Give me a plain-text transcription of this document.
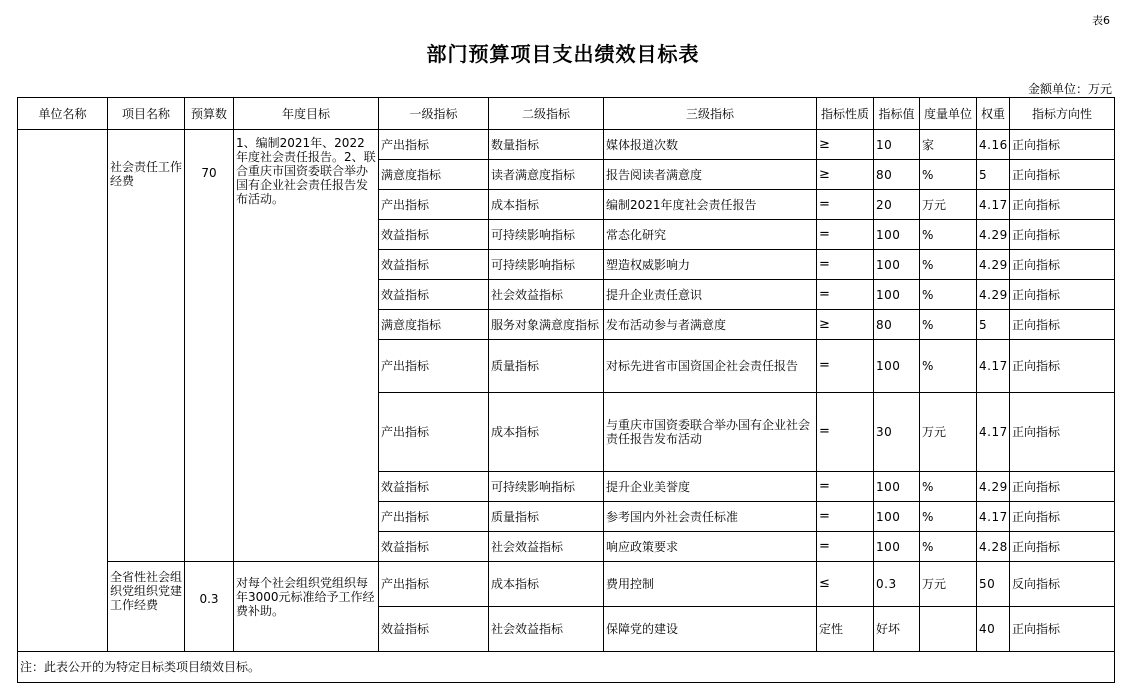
表6
部门预算项目支出绩效目标表
金额单位：万元
单位名称	项目名称	预算数	年度目标	一级指标	二级指标	三级指标	指标性质	指标值	度量单位	权重	指标方向性
	社会责任工作经费	70	1、编制2021年、2022年度社会责任报告。2、联合重庆市国资委联合举办国有企业社会责任报告发布活动。	产出指标	数量指标	媒体报道次数	≥	10	家	4.16	正向指标
				满意度指标	读者满意度指标	报告阅读者满意度	≥	80	%	5	正向指标
				产出指标	成本指标	编制2021年度社会责任报告	=	20	万元	4.17	正向指标
				效益指标	可持续影响指标	常态化研究	=	100	%	4.29	正向指标
				效益指标	可持续影响指标	塑造权威影响力	=	100	%	4.29	正向指标
				效益指标	社会效益指标	提升企业责任意识	=	100	%	4.29	正向指标
				满意度指标	服务对象满意度指标	发布活动参与者满意度	≥	80	%	5	正向指标
				产出指标	质量指标	对标先进省市国资国企社会责任报告	=	100	%	4.17	正向指标
				产出指标	成本指标	与重庆市国资委联合举办国有企业社会责任报告发布活动	=	30	万元	4.17	正向指标
				效益指标	可持续影响指标	提升企业美誉度	=	100	%	4.29	正向指标
				产出指标	质量指标	参考国内外社会责任标准	=	100	%	4.17	正向指标
				效益指标	社会效益指标	响应政策要求	=	100	%	4.28	正向指标
	全省性社会组织党组织党建工作经费	0.3	对每个社会组织党组织每年3000元标准给予工作经费补助。	产出指标	成本指标	费用控制	≤	0.3	万元	50	反向指标
				效益指标	社会效益指标	保障党的建设	定性	好坏		40	正向指标
注：此表公开的为特定目标类项目绩效目标。											
